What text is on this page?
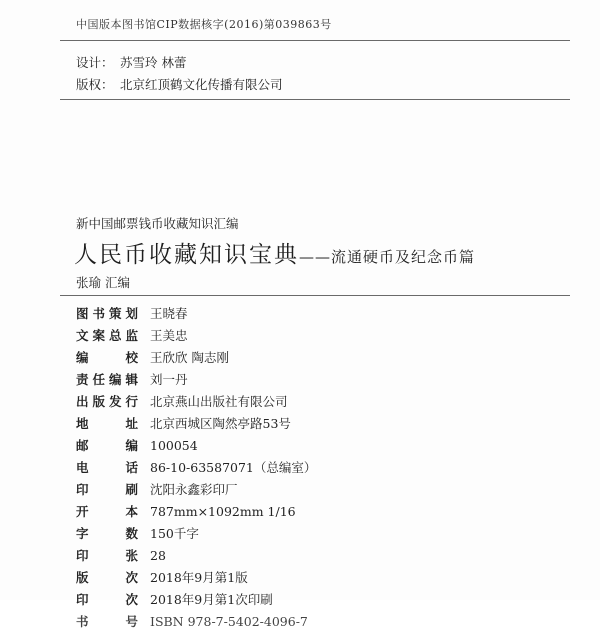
中国版本图书馆CIP数据核字(2016)第039863号
设计： 苏雪玲 林蕾
版权： 北京红顶鹤文化传播有限公司
新中国邮票钱币收藏知识汇编
人民币收藏知识宝典——流通硬币及纪念币篇
张瑜 汇编
图书策划 王晓春
文案总监 王美忠
编校 王欣欣 陶志刚
责任编辑 刘一丹
出版发行 北京燕山出版社有限公司
地址 北京西城区陶然亭路53号
邮编 100054
电话 86-10-63587071（总编室）
印刷 沈阳永鑫彩印厂
开本 787mm×1092mm 1/16
字数 150千字
印张 28
版次 2018年9月第1版
印次 2018年9月第1次印刷
书号 ISBN 978-7-5402-4096-7
